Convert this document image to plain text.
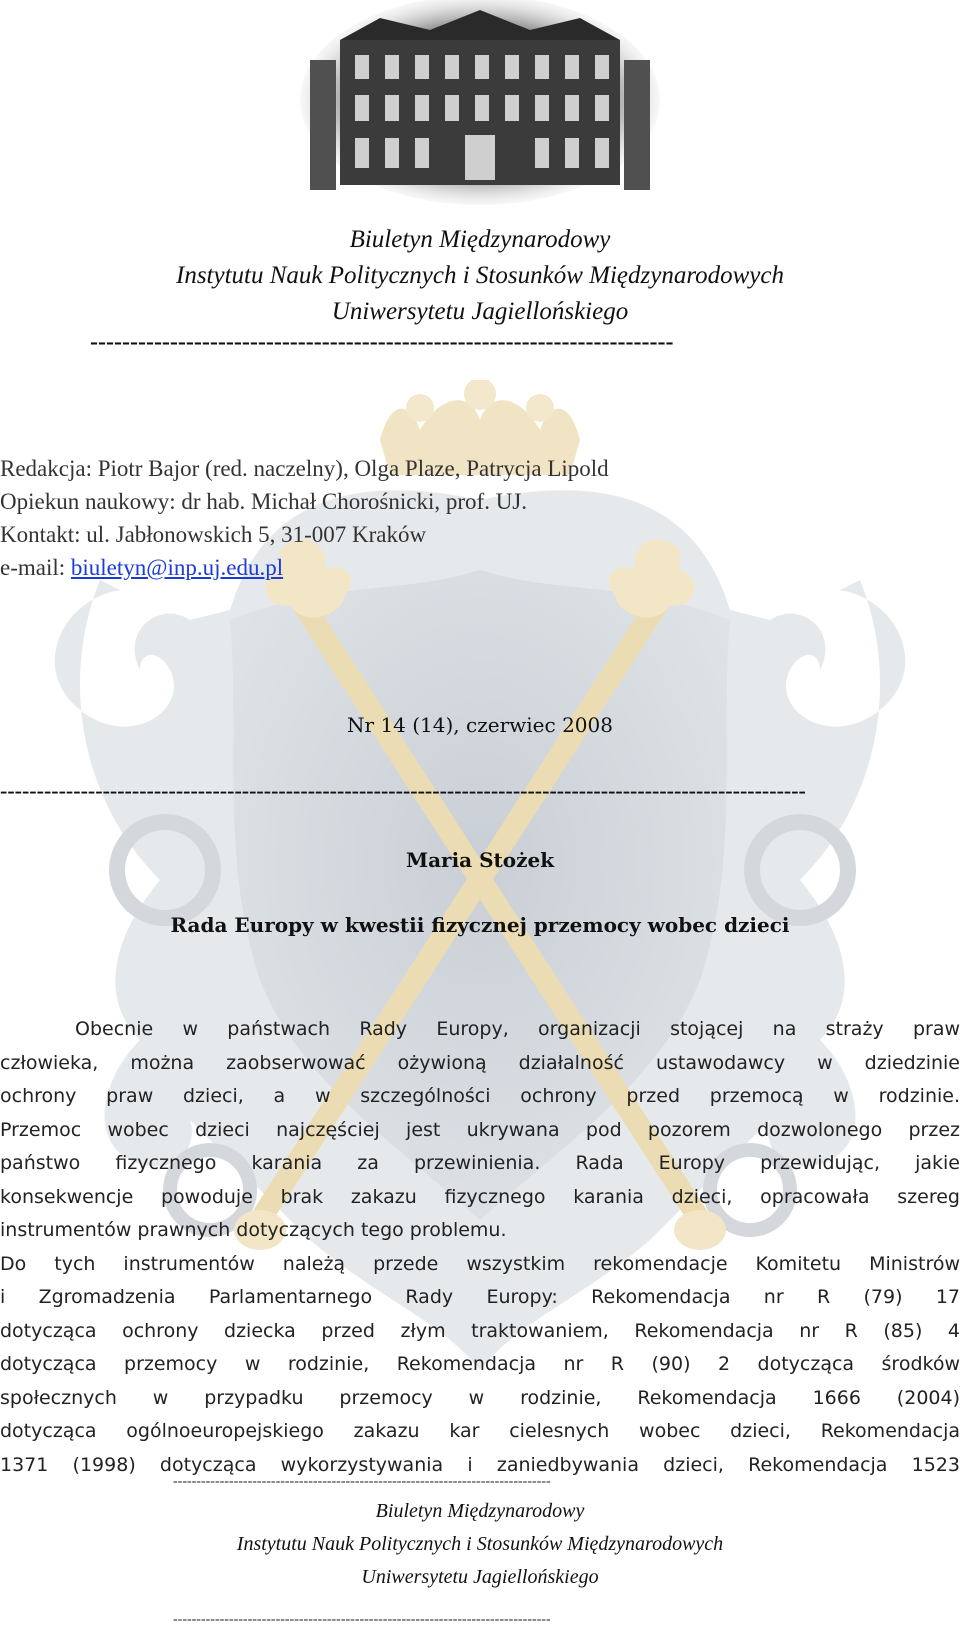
Biuletyn Międzynarodowy
Instytutu Nauk Politycznych i Stosunków Międzynarodowych
Uniwersytetu Jagiellońskiego
-------------------------------------------------------------------------
Redakcja: Piotr Bajor (red. naczelny), Olga Plaze, Patrycja Lipold
Opiekun naukowy: dr hab. Michał Chorośnicki, prof. UJ.
Kontakt: ul. Jabłonowskich 5, 31-007 Kraków
e-mail: biuletyn@inp.uj.edu.pl
Nr 14 (14), czerwiec 2008
--------------------------------------------------------------------------------------------------------------
Maria Stożek
Rada Europy w kwestii fizycznej przemocy wobec dzieci
Obecnie w państwach Rady Europy, organizacji stojącej na straży praw
człowieka, można zaobserwować ożywioną działalność ustawodawcy w dziedzinie
ochrony praw dzieci, a w szczególności ochrony przed przemocą w rodzinie.
Przemoc wobec dzieci najczęściej jest ukrywana pod pozorem dozwolonego przez
państwo fizycznego karania za przewinienia. Rada Europy przewidując, jakie
konsekwencje powoduje brak zakazu fizycznego karania dzieci, opracowała szereg
instrumentów prawnych dotyczących tego problemu.
Do tych instrumentów należą przede wszystkim rekomendacje Komitetu Ministrów
i Zgromadzenia Parlamentarnego Rady Europy: Rekomendacja nr R (79) 17
dotycząca ochrony dziecka przed złym traktowaniem, Rekomendacja nr R (85) 4
dotycząca przemocy w rodzinie, Rekomendacja nr R (90) 2 dotycząca środków
społecznych w przypadku przemocy w rodzinie, Rekomendacja 1666 (2004)
dotycząca ogólnoeuropejskiego zakazu kar cielesnych wobec dzieci, Rekomendacja
1371 (1998) dotycząca wykorzystywania i zaniedbywania dzieci, Rekomendacja 1523
---------------------------------------------------------------------------------
Biuletyn Międzynarodowy
Instytutu Nauk Politycznych i Stosunków Międzynarodowych
Uniwersytetu Jagiellońskiego
---------------------------------------------------------------------------------
